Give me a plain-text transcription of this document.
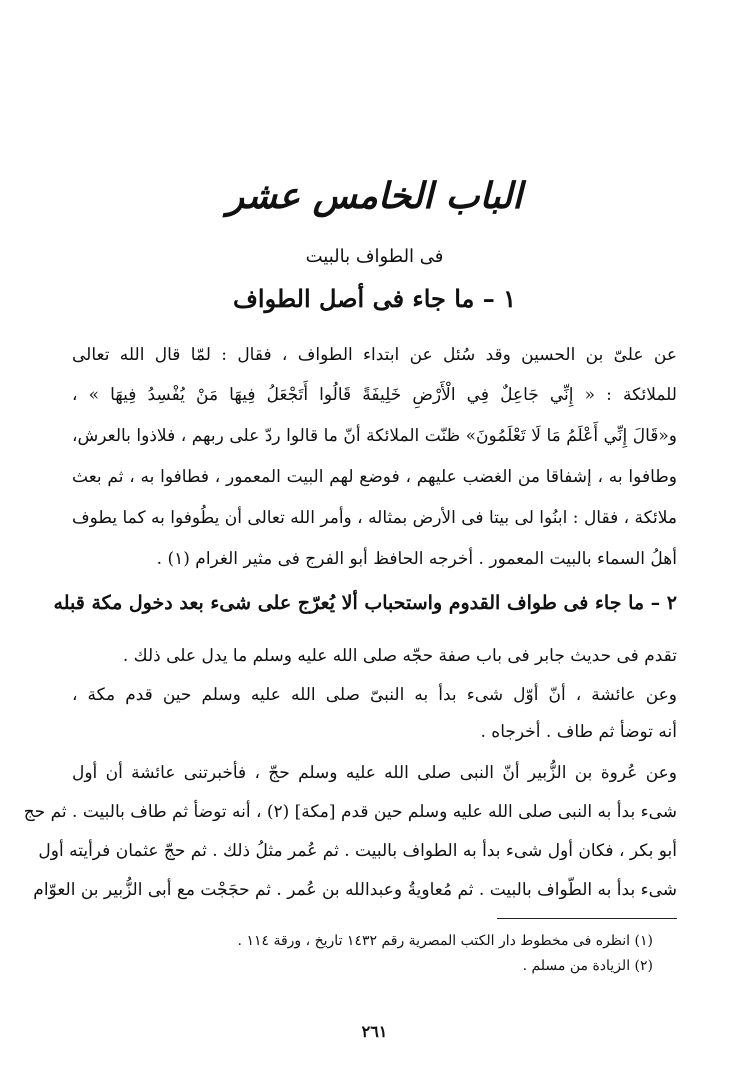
الباب الخامس عشر
فى الطواف بالبيت
١ – ما جاء فى أصل الطواف
عن علىّ بن الحسين وقد سُئل عن ابتداء الطواف ، فقال : لمّا قال الله تعالى
للملائكة : « إِنِّي جَاعِلٌ فِي الْأَرْضِ خَلِيفَةً قَالُوا أَتَجْعَلُ فِيهَا مَنْ يُفْسِدُ فِيهَا » ،
و«قَالَ إِنِّي أَعْلَمُ مَا لَا تَعْلَمُونَ» ظنّت الملائكة أنّ ما قالوا ردّ على ربهم ، فلاذوا بالعرش،
وطافوا به ، إشفاقا من الغضب عليهم ، فوضع لهم البيت المعمور ، فطافوا به ، ثم بعث
ملائكة ، فقال : ابنُوا لى بيتا فى الأرض بمثاله ، وأمر الله تعالى أن يطُوفوا به كما يطوف
أهلُ السماء بالبيت المعمور . أخرجه الحافظ أبو الفرج فى مثير الغرام (١) .
٢ – ما جاء فى طواف القدوم واستحباب ألا يُعرّج على شىء بعد دخول مكة قبله
تقدم فى حديث جابر فى باب صفة حجّه صلى الله عليه وسلم ما يدل على ذلك .
وعن عائشة ، أنّ أوّل شىء بدأ به النبىّ صلى الله عليه وسلم حين قدم مكة ،
أنه توضأ ثم طاف . أخرجاه .
وعن عُروة بن الزُّبير أنّ النبى صلى الله عليه وسلم حجّ ، فأخبرتنى عائشة أن أول
شىء بدأ به النبى صلى الله عليه وسلم حين قدم [مكة] (٢) ، أنه توضأ ثم طاف بالبيت . ثم حج
أبو بكر ، فكان أول شىء بدأ به الطواف بالبيت . ثم عُمر مثلُ ذلك . ثم حجّ عثمان فرأيته أول
شىء بدأ به الطّواف بالبيت . ثم مُعاويةُ وعبدالله بن عُمر . ثم حجَجْت مع أبى الزُّبير بن العوّام
(١) انظره فى مخطوط دار الكتب المصرية رقم ١٤٣٢ تاريخ ، ورقة ١١٤ .
(٢) الزيادة من مسلم .
٢٦١
